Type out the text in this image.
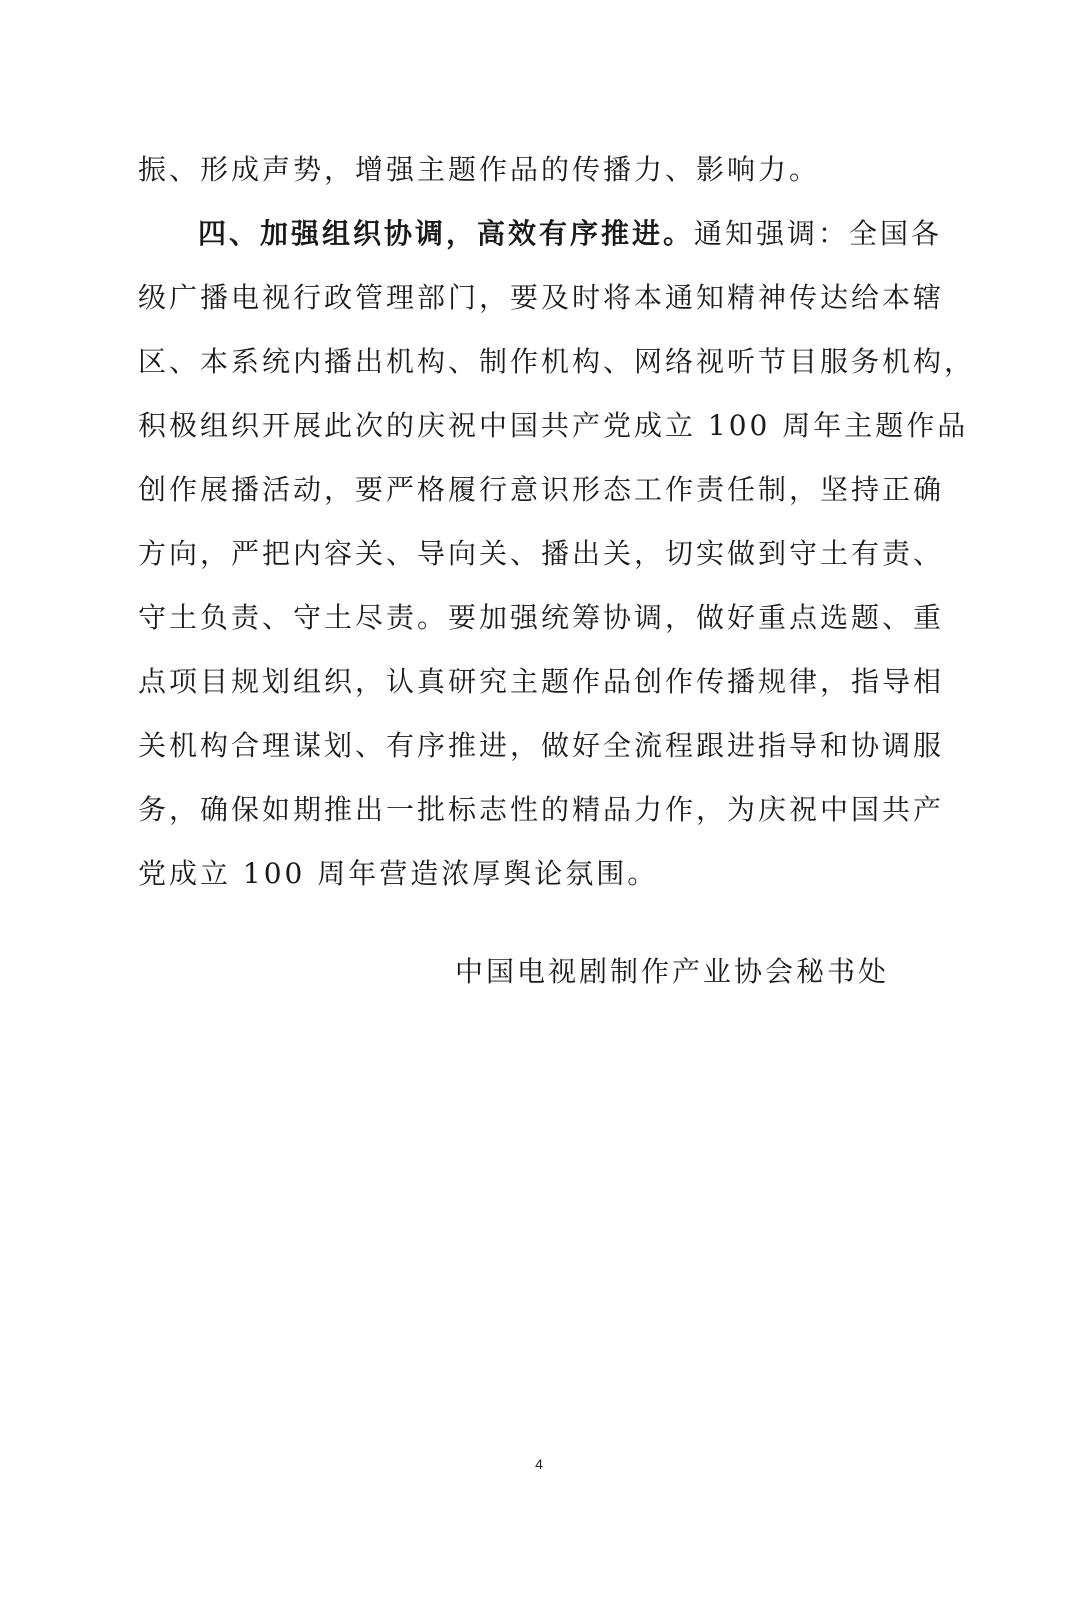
振、形成声势，增强主题作品的传播力、影响力。
四、加强组织协调，高效有序推进。通知强调：全国各
级广播电视行政管理部门，要及时将本通知精神传达给本辖
区、本系统内播出机构、制作机构、网络视听节目服务机构，
积极组织开展此次的庆祝中国共产党成立 100 周年主题作品
创作展播活动，要严格履行意识形态工作责任制，坚持正确
方向，严把内容关、导向关、播出关，切实做到守土有责、
守土负责、守土尽责。要加强统筹协调，做好重点选题、重
点项目规划组织，认真研究主题作品创作传播规律，指导相
关机构合理谋划、有序推进，做好全流程跟进指导和协调服
务，确保如期推出一批标志性的精品力作，为庆祝中国共产
党成立 100 周年营造浓厚舆论氛围。
中国电视剧制作产业协会秘书处
4
